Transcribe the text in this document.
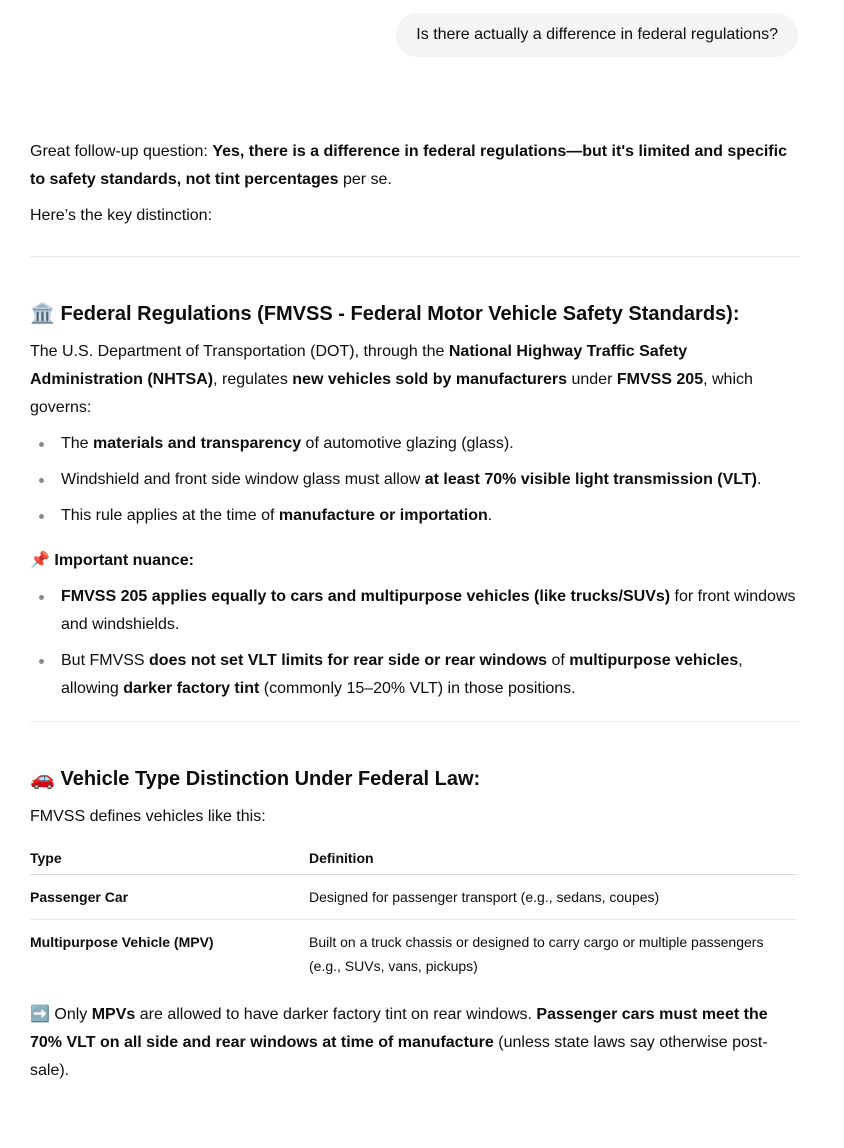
Is there actually a difference in federal regulations?

Great follow-up question: Yes, there is a difference in federal regulations—but it's limited and specific to safety standards, not tint percentages per se.

Here’s the key distinction:

🏛️ Federal Regulations (FMVSS - Federal Motor Vehicle Safety Standards):

The U.S. Department of Transportation (DOT), through the National Highway Traffic Safety Administration (NHTSA), regulates new vehicles sold by manufacturers under FMVSS 205, which governs:

The materials and transparency of automotive glazing (glass).
Windshield and front side window glass must allow at least 70% visible light transmission (VLT).
This rule applies at the time of manufacture or importation.

📌 Important nuance:

FMVSS 205 applies equally to cars and multipurpose vehicles (like trucks/SUVs) for front windows and windshields.
But FMVSS does not set VLT limits for rear side or rear windows of multipurpose vehicles, allowing darker factory tint (commonly 15–20% VLT) in those positions.
🚗 Vehicle Type Distinction Under Federal Law:

FMVSS defines vehicles like this:

Type	Definition
Passenger Car	Designed for passenger transport (e.g., sedans, coupes)
Multipurpose Vehicle (MPV)	Built on a truck chassis or designed to carry cargo or multiple passengers (e.g., SUVs, vans, pickups)

➡️ Only MPVs are allowed to have darker factory tint on rear windows. Passenger cars must meet the 70% VLT on all side and rear windows at time of manufacture (unless state laws say otherwise post-sale).
